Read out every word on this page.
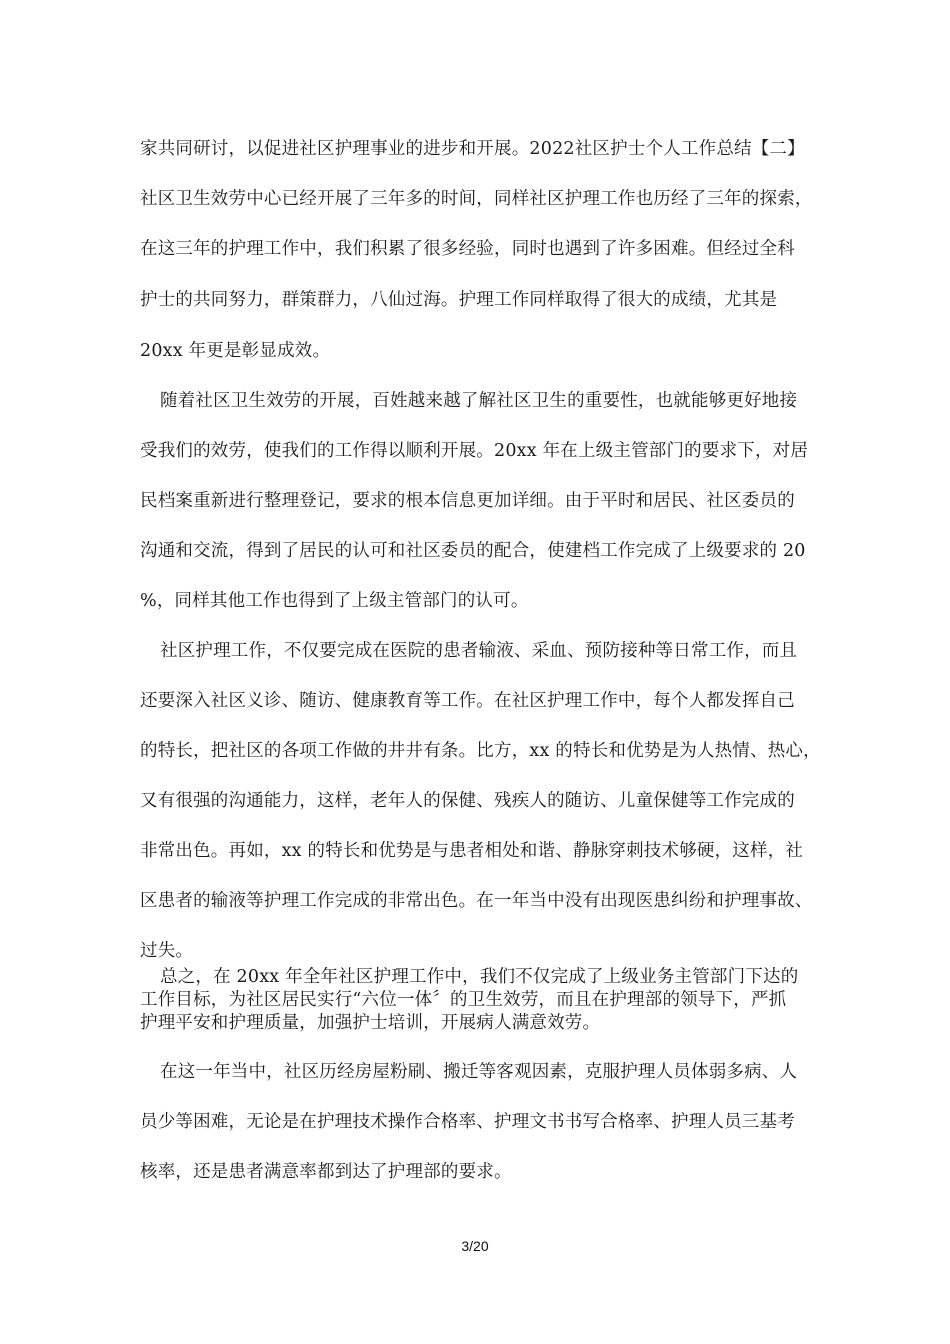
家共同研讨，以促进社区护理事业的进步和开展。2022社区护士个人工作总结【二】
社区卫生效劳中心已经开展了三年多的时间，同样社区护理工作也历经了三年的探索，
在这三年的护理工作中，我们积累了很多经验，同时也遇到了许多困难。但经过全科
护士的共同努力，群策群力，八仙过海。护理工作同样取得了很大的成绩，尤其是
20xx 年更是彰显成效。
随着社区卫生效劳的开展，百姓越来越了解社区卫生的重要性，也就能够更好地接
受我们的效劳，使我们的工作得以顺利开展。20xx 年在上级主管部门的要求下，对居
民档案重新进行整理登记，要求的根本信息更加详细。由于平时和居民、社区委员的
沟通和交流，得到了居民的认可和社区委员的配合，使建档工作完成了上级要求的 20
%，同样其他工作也得到了上级主管部门的认可。
社区护理工作，不仅要完成在医院的患者输液、采血、预防接种等日常工作，而且
还要深入社区义诊、随访、健康教育等工作。在社区护理工作中，每个人都发挥自己
的特长，把社区的各项工作做的井井有条。比方，xx 的特长和优势是为人热情、热心，
又有很强的沟通能力，这样，老年人的保健、残疾人的随访、儿童保健等工作完成的
非常出色。再如，xx 的特长和优势是与患者相处和谐、静脉穿刺技术够硬，这样，社
区患者的输液等护理工作完成的非常出色。在一年当中没有出现医患纠纷和护理事故、
过失。
总之，在 20xx 年全年社区护理工作中，我们不仅完成了上级业务主管部门下达的
工作目标，为社区居民实行“六位一体〞的卫生效劳，而且在护理部的领导下，严抓
护理平安和护理质量，加强护士培训，开展病人满意效劳。
在这一年当中，社区历经房屋粉刷、搬迁等客观因素，克服护理人员体弱多病、人
员少等困难，无论是在护理技术操作合格率、护理文书书写合格率、护理人员三基考
核率，还是患者满意率都到达了护理部的要求。
3/20
